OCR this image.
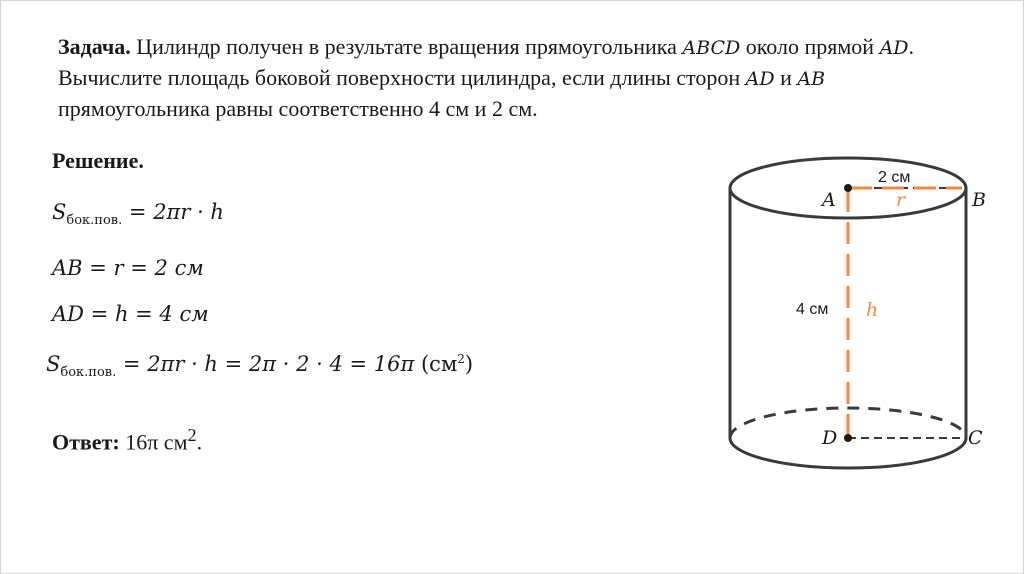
Задача. Цилиндр получен в результате вращения прямоугольника ABCD около прямой AD. Вычислите площадь боковой поверхности цилиндра, если длины сторон AD и AB прямоугольника равны соответственно 4 см и 2 см.
Решение.
$S_{бок.пов.} = 2\pi r \cdot h$
AB = r = 2 см
AD = h = 4 см
$S_{бок.пов.} = 2\pi r \cdot h = 2\pi \cdot 2 \cdot 4 = 16\pi$ $(см^2)$
Ответ: 16π $см^2$.
A	B
C
D
2 см
r
4 см h
